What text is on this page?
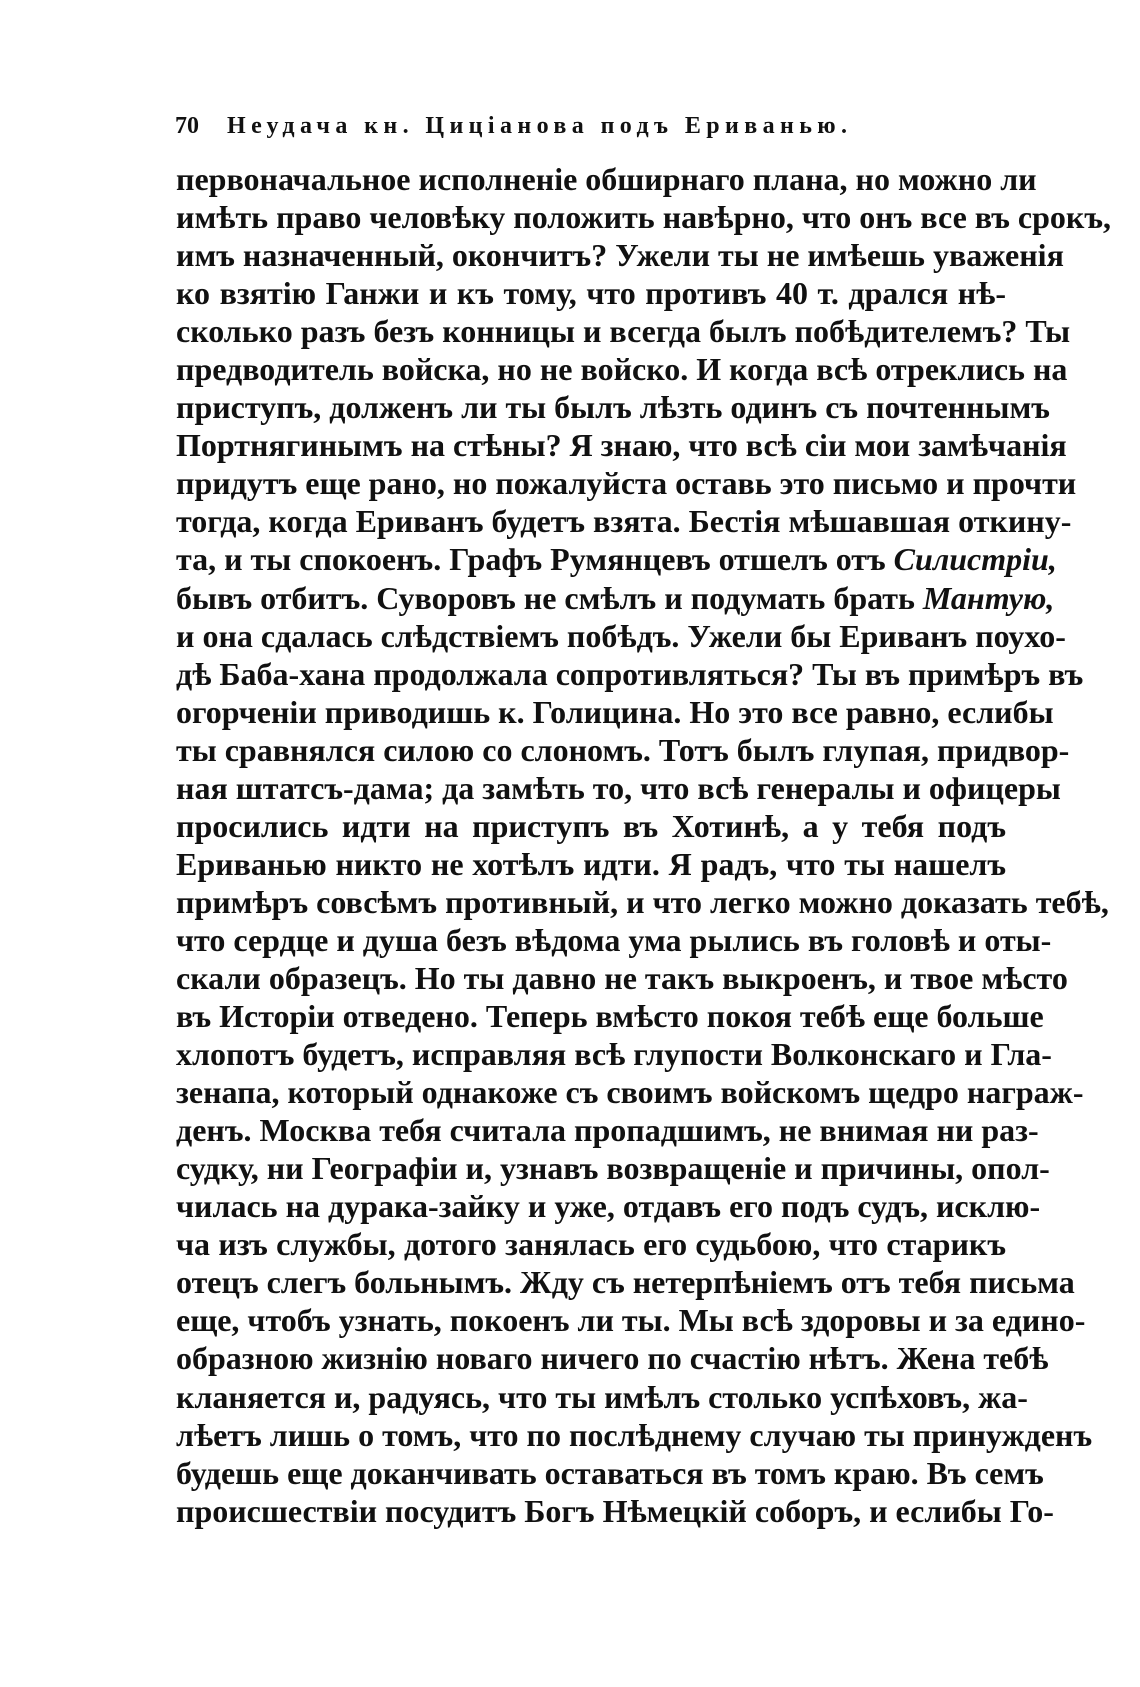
70 Неудача кн. Циціанова подъ Ериванью.
первоначальное исполненіе обширнаго плана, но можно ли
имѣть право человѣку положить навѣрно, что онъ все въ срокъ,
имъ назначенный, окончитъ? Ужели ты не имѣешь уваженія
ко взятію Ганжи и къ тому, что противъ 40 т. дрался нѣ-
сколько разъ безъ конницы и всегда былъ побѣдителемъ? Ты
предводитель войска, но не войско. И когда всѣ отреклись на
приступъ, долженъ ли ты былъ лѣзть одинъ съ почтеннымъ
Портнягинымъ на стѣны? Я знаю, что всѣ сіи мои замѣчанія
придутъ еще рано, но пожалуйста оставь это письмо и прочти
тогда, когда Ериванъ будетъ взята. Бестія мѣшавшая откину-
та, и ты спокоенъ. Графъ Румянцевъ отшелъ отъ Силистріи,
бывъ отбитъ. Суворовъ не смѣлъ и подумать брать Мантую,
и она сдалась слѣдствіемъ побѣдъ. Ужели бы Ериванъ поухо-
дѣ Баба-хана продолжала сопротивляться? Ты въ примѣръ въ
огорченіи приводишь к. Голицина. Но это все равно, еслибы
ты сравнялся силою со слономъ. Тотъ былъ глупая, придвор-
ная штатсъ-дама; да замѣть то, что всѣ генералы и офицеры
просились идти на приступъ въ Хотинѣ, а у тебя подъ
Ериванью никто не хотѣлъ идти. Я радъ, что ты нашелъ
примѣръ совсѣмъ противный, и что легко можно доказать тебѣ,
что сердце и душа безъ вѣдома ума рылись въ головѣ и оты-
скали образецъ. Но ты давно не такъ выкроенъ, и твое мѣсто
въ Исторіи отведено. Теперь вмѣсто покоя тебѣ еще больше
хлопотъ будетъ, исправляя всѣ глупости Волконскаго и Гла-
зенапа, который однакоже съ своимъ войскомъ щедро награж-
денъ. Москва тебя считала пропадшимъ, не внимая ни раз-
судку, ни Географіи и, узнавъ возвращеніе и причины, опол-
чилась на дурака-зайку и уже, отдавъ его подъ судъ, исклю-
ча изъ службы, дотого занялась его судьбою, что старикъ
отецъ слегъ больнымъ. Жду съ нетерпѣніемъ отъ тебя письма
еще, чтобъ узнать, покоенъ ли ты. Мы всѣ здоровы и за едино-
образною жизнію новаго ничего по счастію нѣтъ. Жена тебѣ
кланяется и, радуясь, что ты имѣлъ столько успѣховъ, жа-
лѣетъ лишь о томъ, что по послѣднему случаю ты принужденъ
будешь еще доканчивать оставаться въ томъ краю. Въ семъ
происшествіи посудитъ Богъ Нѣмецкій соборъ, и еслибы Го-
